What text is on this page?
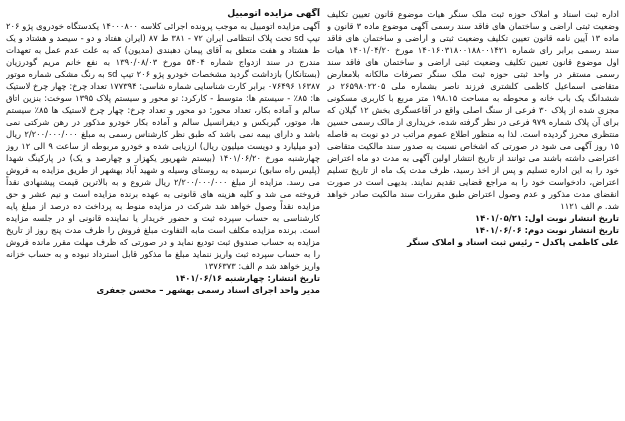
آگهی مزایده اتومبیل

آگهی مزایده اتومبیل به موجب پرونده اجرائی کلاسه ۱۴۰۰۰۸۰۰ یکدستگاه خودروی پژو ۲۰۶ تیپ sd تحت پلاک انتظامی ایران ۷۲ - ۳۸۱ ط ۸۷ (ایران هفتاد و دو - سیصد و هشتاد و یک ط هشتاد و هفت متعلق به آقای پیمان دهبندی (مدیون) که به علت عدم عمل به تعهدات مندرج در سند ازدواج شماره ۵۴۰۴ مورخ ۱۳۹۰/۰۸/۰۳ به نفع خانم مریم گودرزیان (بستانکار) بازداشت گردید مشخصات خودرو پژو ۲۰۶ تیپ sd به رنگ مشکی شماره موتور ۱۶۳۸۷ ۰۷۶۴۹۶ برابر کارت شناسایی شماره شاسی: ۱۷۷۳۹۴ تعداد چرخ: چهار چرخ لاستیک ها: ۸۵٪ - سیستم ها: متوسط - کارکرد: تو محور و سیستم پلاک ۱۳۹۵ سوخت: بنزین اتاق سالم و آماده بکار، تعداد محور: دو محور و تعداد چرخ: چهار چرخ لاستیک ها ۸۵٪ سیستم ها، موتور، گیربکس و دیفرانسیل سالم و آماده بکار خودرو مذکور در رهن شرکتی نمی باشد و دارای بیمه نمی باشد که طبق نظر کارشناس رسمی به مبلغ ۲/۲۰۰/۰۰۰/۰۰۰ ریال (دو میلیارد و دویست میلیون ریال) ارزیابی شده و خودرو مربوطه از ساعت ۹ الی ۱۲ روز چهارشنبه مورخ ۱۴۰۱/۰۶/۲۰ (بیستم شهریور یکهزار و چهارصد و یک) در پارکینگ شهدا (پلیس راه سابق) نرسیده به روستای وسیله و شهید آباد بهشهر از طریق مزایده به فروش می رسد. مزایده از مبلغ ۲/۲۰۰/۰۰۰/۰۰۰ ریال شروع و به بالاترین قیمت پیشنهادی نقداً فروخته می شد و کلیه هزینه های قانونی به عهده برنده مزایده است و نیم عشر و حق مزایده نقداً وصول خواهد شد شرکت در مزایده منوط به پرداخت ده درصد از مبلغ پایه کارشناسی به حساب سپرده ثبت و حضور خریدار یا نماینده قانونی او در جلسه مزایده است. برنده مزایده مکلف است مابه التفاوت مبلغ فروش را ظرف مدت پنج روز از تاریخ مزایده به حساب صندوق ثبت تودیع نماید و در صورتی که ظرف مهلت مقرر مانده فروش را به حساب سپرده ثبت واریز ننماید مبلغ ما مذکور قابل استرداد نبوده و به حساب خزانه واریز خواهد شد م الف: ۱۳۷۶۳۷۳

تاریخ انتشار: چهارشنبه ۱۴۰۱/۰۶/۱۶

مدیر واحد اجرای اسناد رسمی بهشهر – محسن جعفری

اداره ثبت اسناد و املاک حوزه ثبت ملک سنگر هیات موضوع قانون تعیین تکلیف وضعیت ثبتی اراضی و ساختمان های فاقد سند رسمی آگهی موضوع ماده ۳ قانون و ماده ۱۳ آیین نامه قانون تعیین تکلیف وضعیت ثبتی و اراضی و ساختمان های فاقد سند رسمی برابر رای شماره ۱۴۰۱۶۰۳۱۸۰۰۱۸۸۰۰۱۴۲۱ مورخ ۱۴۰۱/۰۴/۲۰ هیات اول موضوع قانون تعیین تکلیف وضعیت ثبتی اراضی و ساختمان های فاقد سند رسمی مستقر در واحد ثبتی حوزه ثبت ملک سنگر تصرفات مالکانه بلامعارض متقاضی اسماعیل کاظمی کلشتری فرزند ناصر بشماره ملی ۲۶۵۹۸۰۲۲۰۵ در ششدانگ یک باب خانه و محوطه به مساحت ۱۹۸.۱۵ متر مربع با کاربری مسکونی مجزی شده از پلاک ۳۰ فرعی از سنگ اصلی واقع در آقاعسگری بخش ۱۲ گیلان که برای آن پلاک شماره ۹۷۹ فرعی در نظر گرفته شده، خریداری از مالک رسمی حسین منتظری محرز گردیده است. لذا به منظور اطلاع عموم مراتب در دو نوبت به فاصله ۱۵ روز آگهی می شود در صورتی که اشخاص نسبت به صدور سند مالکیت متقاضی اعتراضی داشته باشند می توانند از تاریخ انتشار اولین آگهی به مدت دو ماه اعتراض خود را به این اداره تسلیم و پس از اخذ رسید، ظرف مدت یک ماه از تاریخ تسلیم اعتراض، دادخواست خود را به مراجع قضایی تقدیم نمایند. بدیهی است در صورت انقضای مدت مذکور و عدم وصول اعتراض طبق مقررات سند مالکیت صادر خواهد شد. م الف ۱۱۲۱

تاریخ انتشار نوبت اول: ۱۴۰۱/۰۵/۲۱

تاریخ انتشار نوبت دوم: ۱۴۰۱/۰۶/۰۶

علی کاظمی پاکدل – رئیس ثبت اسناد و املاک سنگر
